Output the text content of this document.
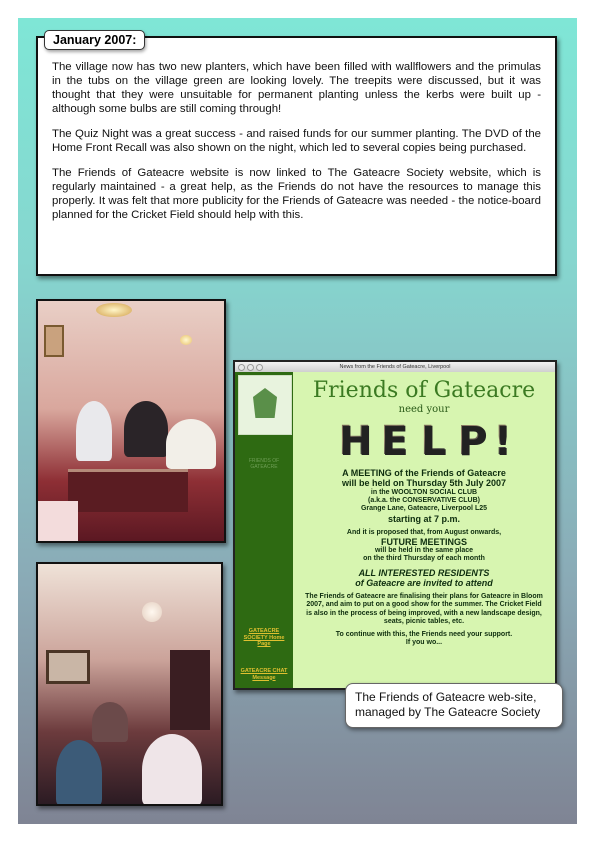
January 2007:

The village now has two new planters, which have been filled with wallflowers and the primulas in the tubs on the village green are looking lovely. The treepits were discussed, but it was thought that they were unsuitable for permanent planting unless the kerbs were built up - although some bulbs are still coming through!

The Quiz Night was a great success - and raised funds for our summer planting. The DVD of the Home Front Recall was also shown on the night, which led to several copies being purchased.

The Friends of Gateacre website is now linked to The Gateacre Society website, which is regularly maintained - a great help, as the Friends do not have the resources to manage this properly. It was felt that more publicity for the Friends of Gateacre was needed - the notice-board planned for the Cricket Field should help with this.

News from the Friends of Gateacre, Liverpool
FRIENDS OF GATEACRE
GATEACRE SOCIETY Home Page
GATEACRE CHAT Message
Friends of Gateacre
need your
H E L P !
A MEETING of the Friends of Gateacre
will be held on Thursday 5th July 2007
in the WOOLTON SOCIAL CLUB
(a.k.a. the CONSERVATIVE CLUB)
Grange Lane, Gateacre, Liverpool L25
starting at 7 p.m.
And it is proposed that, from August onwards,
FUTURE MEETINGS
will be held in the same place
on the third Thursday of each month
ALL INTERESTED RESIDENTS
of Gateacre are invited to attend
The Friends of Gateacre are finalising their plans for Gateacre in Bloom 2007, and aim to put on a good show for the summer. The Cricket Field is also in the process of being improved, with a new landscape design, seats, picnic tables, etc.
To continue with this, the Friends need your support.
If you wo...
The Friends of Gateacre web-site,
managed by The Gateacre Society
